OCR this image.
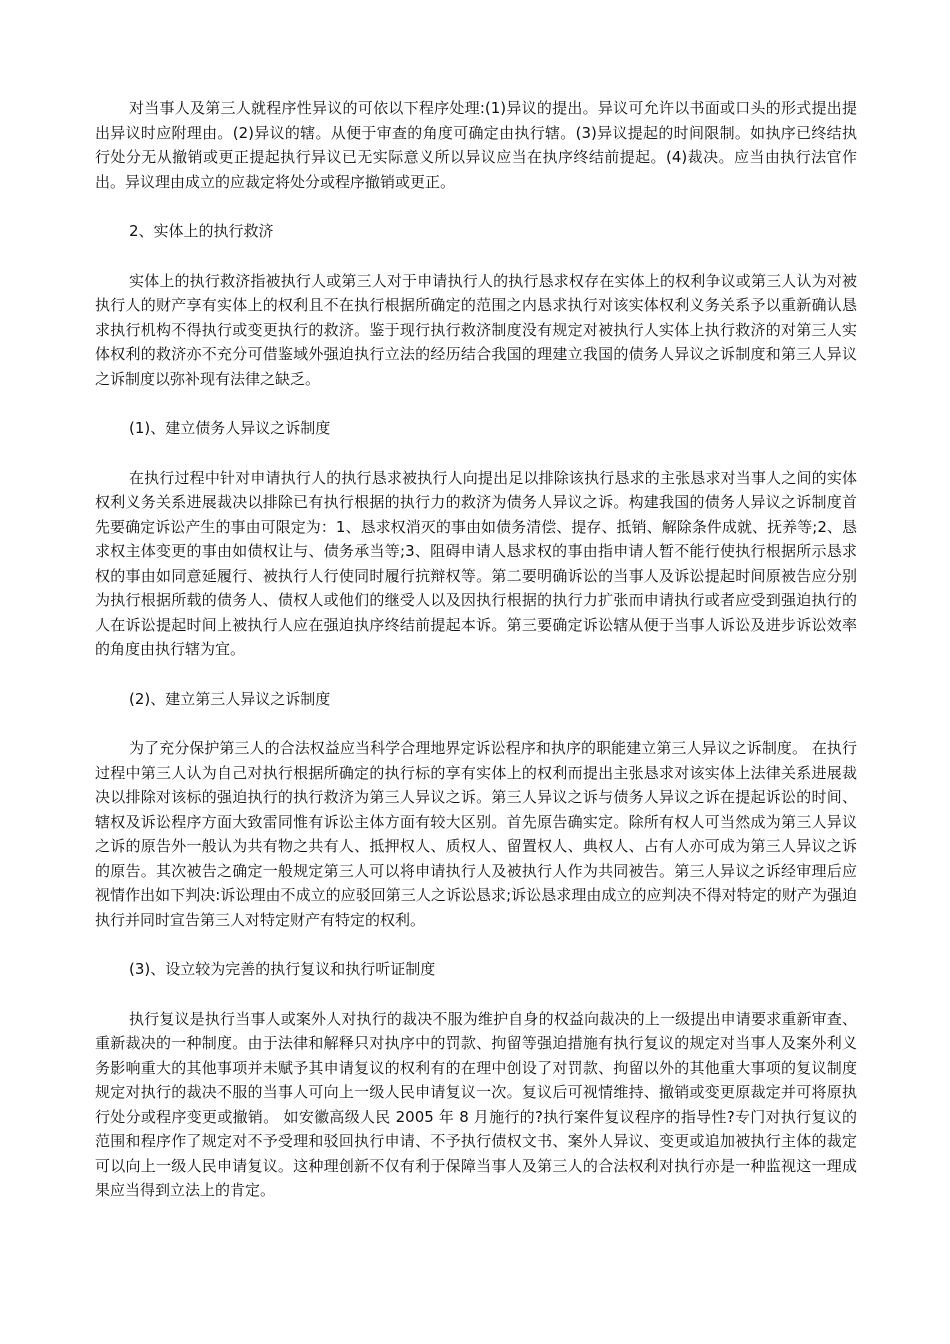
对当事人及第三人就程序性异议的可依以下程序处理:(1)异议的提出。异议可允许以书面或口头的形式提出提出异议时应附理由。(2)异议的辖。从便于审查的角度可确定由执行辖。(3)异议提起的时间限制。如执序已终结执行处分无从撤销或更正提起执行异议已无实际意义所以异议应当在执序终结前提起。(4)裁决。应当由执行法官作出。异议理由成立的应裁定将处分或程序撤销或更正。

2、实体上的执行救济

实体上的执行救济指被执行人或第三人对于申请执行人的执行恳求权存在实体上的权利争议或第三人认为对被执行人的财产享有实体上的权利且不在执行根据所确定的范围之内恳求执行对该实体权利义务关系予以重新确认恳求执行机构不得执行或变更执行的救济。鉴于现行执行救济制度没有规定对被执行人实体上执行救济的对第三人实体权利的救济亦不充分可借鉴域外强迫执行立法的经历结合我国的理建立我国的债务人异议之诉制度和第三人异议之诉制度以弥补现有法律之缺乏。

(1)、建立债务人异议之诉制度

在执行过程中针对申请执行人的执行恳求被执行人向提出足以排除该执行恳求的主张恳求对当事人之间的实体权利义务关系进展裁决以排除已有执行根据的执行力的救济为债务人异议之诉。构建我国的债务人异议之诉制度首先要确定诉讼产生的事由可限定为：1、恳求权消灭的事由如债务清偿、提存、抵销、解除条件成就、抚养等;2、恳求权主体变更的事由如债权让与、债务承当等;3、阻碍申请人恳求权的事由指申请人暂不能行使执行根据所示恳求权的事由如同意延履行、被执行人行使同时履行抗辩权等。第二要明确诉讼的当事人及诉讼提起时间原被告应分别为执行根据所载的债务人、债权人或他们的继受人以及因执行根据的执行力扩张而申请执行或者应受到强迫执行的人在诉讼提起时间上被执行人应在强迫执序终结前提起本诉。第三要确定诉讼辖从便于当事人诉讼及进步诉讼效率的角度由执行辖为宜。

(2)、建立第三人异议之诉制度

为了充分保护第三人的合法权益应当科学合理地界定诉讼程序和执序的职能建立第三人异议之诉制度。 在执行过程中第三人认为自己对执行根据所确定的执行标的享有实体上的权利而提出主张恳求对该实体上法律关系进展裁决以排除对该标的强迫执行的执行救济为第三人异议之诉。第三人异议之诉与债务人异议之诉在提起诉讼的时间、辖权及诉讼程序方面大致雷同惟有诉讼主体方面有较大区别。首先原告确实定。除所有权人可当然成为第三人异议之诉的原告外一般认为共有物之共有人、抵押权人、质权人、留置权人、典权人、占有人亦可成为第三人异议之诉的原告。其次被告之确定一般规定第三人可以将申请执行人及被执行人作为共同被告。第三人异议之诉经审理后应视情作出如下判决:诉讼理由不成立的应驳回第三人之诉讼恳求;诉讼恳求理由成立的应判决不得对特定的财产为强迫执行并同时宣告第三人对特定财产有特定的权利。

(3)、设立较为完善的执行复议和执行听证制度

执行复议是执行当事人或案外人对执行的裁决不服为维护自身的权益向裁决的上一级提出申请要求重新审查、重新裁决的一种制度。由于法律和解释只对执序中的罚款、拘留等强迫措施有执行复议的规定对当事人及案外利义务影响重大的其他事项并未赋予其申请复议的权利有的在理中创设了对罚款、拘留以外的其他重大事项的复议制度规定对执行的裁决不服的当事人可向上一级人民申请复议一次。复议后可视情维持、撤销或变更原裁定并可将原执行处分或程序变更或撤销。 如安徽高级人民 2005 年 8 月施行的?执行案件复议程序的指导性?专门对执行复议的范围和程序作了规定对不予受理和驳回执行申请、不予执行债权文书、案外人异议、变更或追加被执行主体的裁定可以向上一级人民申请复议。这种理创新不仅有利于保障当事人及第三人的合法权利对执行亦是一种监视这一理成果应当得到立法上的肯定。
